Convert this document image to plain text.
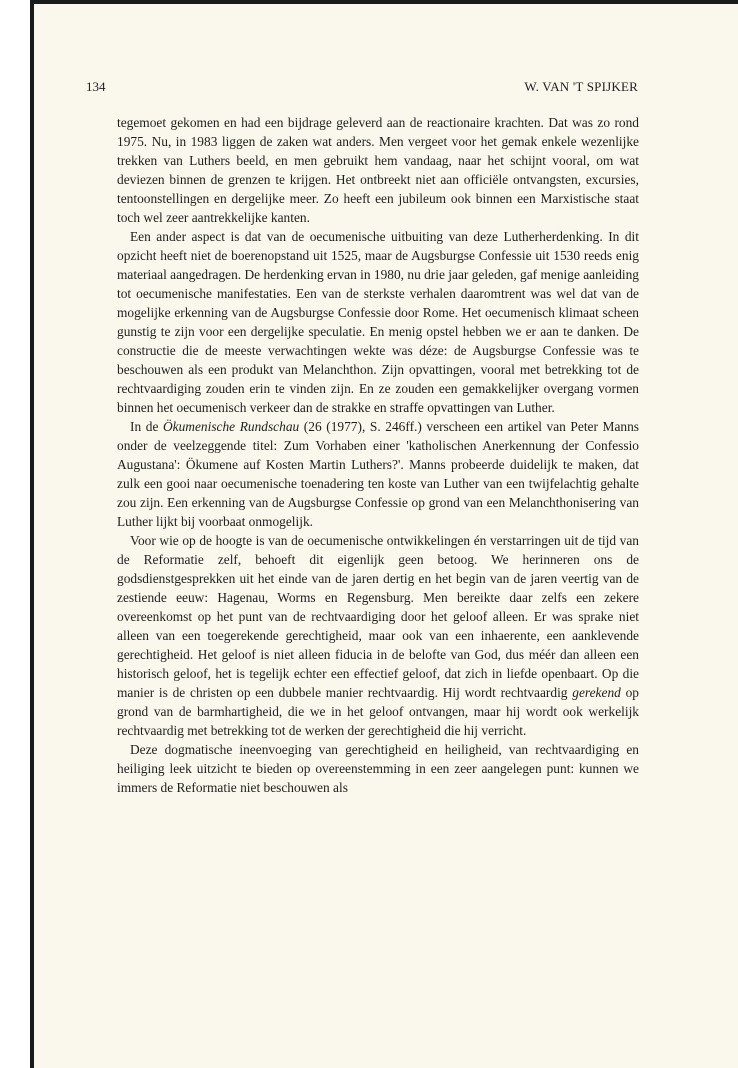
134	W. VAN 'T SPIJKER

tegemoet gekomen en had een bijdrage geleverd aan de reactionaire krachten. Dat was zo rond 1975. Nu, in 1983 liggen de zaken wat anders. Men vergeet voor het gemak enkele wezenlijke trekken van Luthers beeld, en men gebruikt hem vandaag, naar het schijnt vooral, om wat deviezen binnen de grenzen te krijgen. Het ontbreekt niet aan officiële ontvangsten, excursies, tentoonstellingen en dergelijke meer. Zo heeft een jubileum ook binnen een Marxistische staat toch wel zeer aantrekkelijke kanten.

Een ander aspect is dat van de oecumenische uitbuiting van deze Lutherherdenking. In dit opzicht heeft niet de boerenopstand uit 1525, maar de Augsburgse Confessie uit 1530 reeds enig materiaal aangedragen. De herdenking ervan in 1980, nu drie jaar geleden, gaf menige aanleiding tot oecumenische manifestaties. Een van de sterkste verhalen daaromtrent was wel dat van de mogelijke erkenning van de Augsburgse Confessie door Rome. Het oecumenisch klimaat scheen gunstig te zijn voor een dergelijke speculatie. En menig opstel hebben we er aan te danken. De constructie die de meeste verwachtingen wekte was déze: de Augsburgse Confessie was te beschouwen als een produkt van Melanchthon. Zijn opvattingen, vooral met betrekking tot de rechtvaardiging zouden erin te vinden zijn. En ze zouden een gemakkelijker overgang vormen binnen het oecumenisch verkeer dan de strakke en straffe opvattingen van Luther.

In de Ökumenische Rundschau (26 (1977), S. 246ff.) verscheen een artikel van Peter Manns onder de veelzeggende titel: Zum Vorhaben einer 'katholischen Anerkennung der Confessio Augustana': Ökumene auf Kosten Martin Luthers?'. Manns probeerde duidelijk te maken, dat zulk een gooi naar oecumenische toenadering ten koste van Luther van een twijfelachtig gehalte zou zijn. Een erkenning van de Augsburgse Confessie op grond van een Melanchthonisering van Luther lijkt bij voorbaat onmogelijk.

Voor wie op de hoogte is van de oecumenische ontwikkelingen én verstarringen uit de tijd van de Reformatie zelf, behoeft dit eigenlijk geen betoog. We herinneren ons de godsdienstgesprekken uit het einde van de jaren dertig en het begin van de jaren veertig van de zestiende eeuw: Hagenau, Worms en Regensburg. Men bereikte daar zelfs een zekere overeenkomst op het punt van de rechtvaardiging door het geloof alleen. Er was sprake niet alleen van een toegerekende gerechtigheid, maar ook van een inhaerente, een aanklevende gerechtigheid. Het geloof is niet alleen fiducia in de belofte van God, dus méér dan alleen een historisch geloof, het is tegelijk echter een effectief geloof, dat zich in liefde openbaart. Op die manier is de christen op een dubbele manier rechtvaardig. Hij wordt rechtvaardig gerekend op grond van de barmhartigheid, die we in het geloof ontvangen, maar hij wordt ook werkelijk rechtvaardig met betrekking tot de werken der gerechtigheid die hij verricht.

Deze dogmatische ineenvoeging van gerechtigheid en heiligheid, van rechtvaardiging en heiliging leek uitzicht te bieden op overeenstemming in een zeer aangelegen punt: kunnen we immers de Reformatie niet beschouwen als
